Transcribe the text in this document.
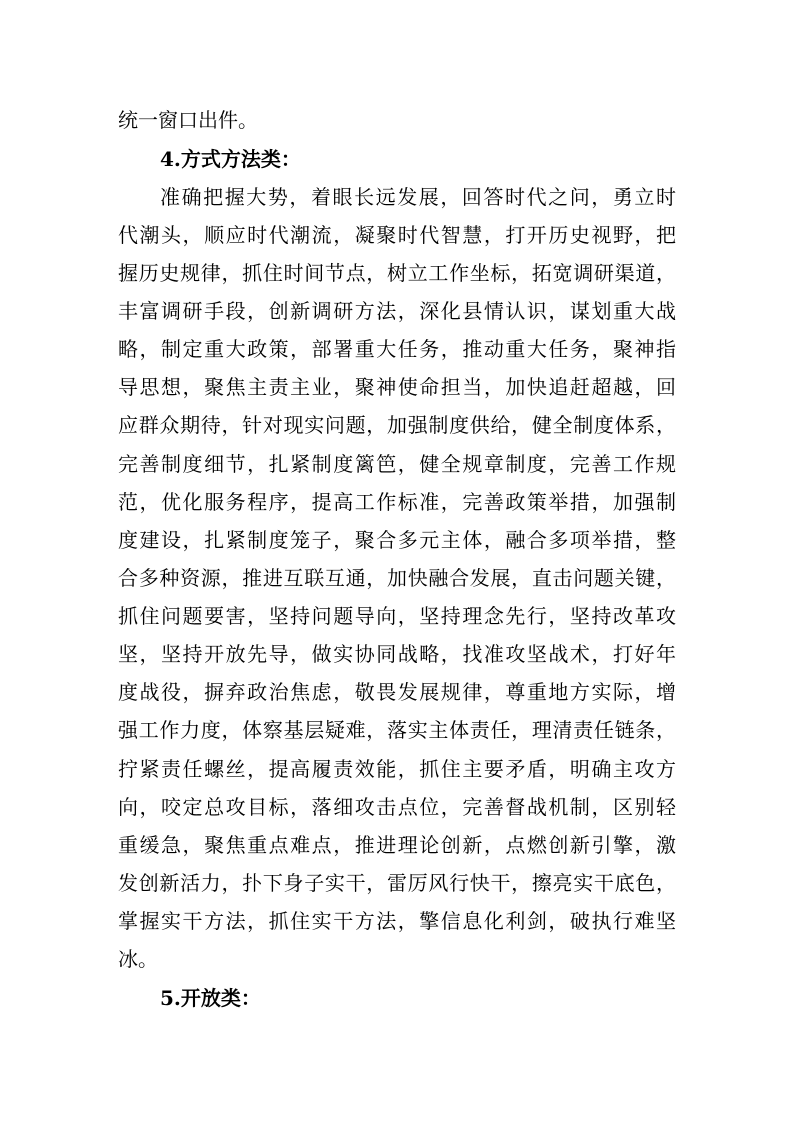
统一窗口出件。
4.方式方法类：
准确把握大势，着眼长远发展，回答时代之问，勇立时
代潮头，顺应时代潮流，凝聚时代智慧，打开历史视野，把
握历史规律，抓住时间节点，树立工作坐标，拓宽调研渠道，
丰富调研手段，创新调研方法，深化县情认识，谋划重大战
略，制定重大政策，部署重大任务，推动重大任务，聚神指
导思想，聚焦主责主业，聚神使命担当，加快追赶超越，回
应群众期待，针对现实问题，加强制度供给，健全制度体系，
完善制度细节，扎紧制度篱笆，健全规章制度，完善工作规
范，优化服务程序，提高工作标准，完善政策举措，加强制
度建设，扎紧制度笼子，聚合多元主体，融合多项举措，整
合多种资源，推进互联互通，加快融合发展，直击问题关键，
抓住问题要害，坚持问题导向，坚持理念先行，坚持改革攻
坚，坚持开放先导，做实协同战略，找准攻坚战术，打好年
度战役，摒弃政治焦虑，敬畏发展规律，尊重地方实际，增
强工作力度，体察基层疑难，落实主体责任，理清责任链条，
拧紧责任螺丝，提高履责效能，抓住主要矛盾，明确主攻方
向，咬定总攻目标，落细攻击点位，完善督战机制，区别轻
重缓急，聚焦重点难点，推进理论创新，点燃创新引擎，激
发创新活力，扑下身子实干，雷厉风行快干，擦亮实干底色，
掌握实干方法，抓住实干方法，擎信息化利剑，破执行难坚
冰。
5.开放类：
